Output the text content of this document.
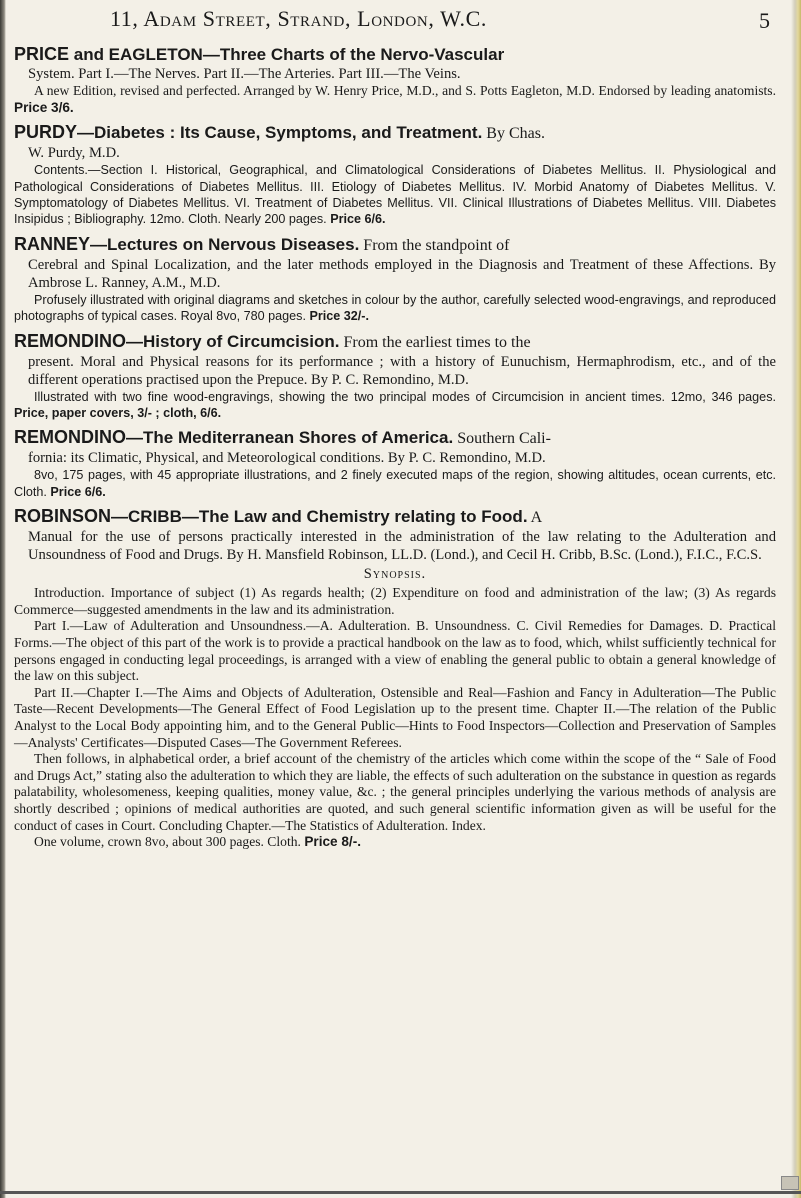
11, Adam Street, Strand, London, W.C.	5

PRICE and EAGLETON—Three Charts of the Nervo-Vascular

System. Part I.—The Nerves. Part II.—The Arteries. Part III.—The Veins.

A new Edition, revised and perfected. Arranged by W. Henry Price, M.D., and S. Potts Eagleton, M.D. Endorsed by leading anatomists. Price 3/6.

PURDY—Diabetes : Its Cause, Symptoms, and Treatment. By Chas.

W. Purdy, M.D.

Contents.—Section I. Historical, Geographical, and Climatological Considerations of Diabetes Mellitus. II. Physiological and Pathological Considerations of Diabetes Mellitus. III. Etiology of Diabetes Mellitus. IV. Morbid Anatomy of Diabetes Mellitus. V. Symptomatology of Diabetes Mellitus. VI. Treatment of Diabetes Mellitus. VII. Clinical Illustrations of Diabetes Mellitus. VIII. Diabetes Insipidus ; Bibliography. 12mo. Cloth. Nearly 200 pages. Price 6/6.

RANNEY—Lectures on Nervous Diseases. From the standpoint of

Cerebral and Spinal Localization, and the later methods employed in the Diagnosis and Treatment of these Affections. By Ambrose L. Ranney, A.M., M.D.

Profusely illustrated with original diagrams and sketches in colour by the author, carefully selected wood-engravings, and reproduced photographs of typical cases. Royal 8vo, 780 pages. Price 32/-.

REMONDINO—History of Circumcision. From the earliest times to the

present. Moral and Physical reasons for its performance ; with a history of Eunuchism, Hermaphrodism, etc., and of the different operations practised upon the Prepuce. By P. C. Remondino, M.D.

Illustrated with two fine wood-engravings, showing the two principal modes of Circumcision in ancient times. 12mo, 346 pages. Price, paper covers, 3/- ; cloth, 6/6.

REMONDINO—The Mediterranean Shores of America. Southern Cali-

fornia: its Climatic, Physical, and Meteorological conditions. By P. C. Remondino, M.D.

8vo, 175 pages, with 45 appropriate illustrations, and 2 finely executed maps of the region, showing altitudes, ocean currents, etc. Cloth. Price 6/6.

ROBINSON—CRIBB—The Law and Chemistry relating to Food. A

Manual for the use of persons practically interested in the administration of the law relating to the Adulteration and Unsoundness of Food and Drugs. By H. Mansfield Robinson, LL.D. (Lond.), and Cecil H. Cribb, B.Sc. (Lond.), F.I.C., F.C.S.

Synopsis.

Introduction. Importance of subject (1) As regards health; (2) Expenditure on food and administration of the law; (3) As regards Commerce—suggested amendments in the law and its administration.

Part I.—Law of Adulteration and Unsoundness.—A. Adulteration. B. Unsoundness. C. Civil Remedies for Damages. D. Practical Forms.—The object of this part of the work is to provide a practical handbook on the law as to food, which, whilst sufficiently technical for persons engaged in conducting legal proceedings, is arranged with a view of enabling the general public to obtain a general knowledge of the law on this subject.

Part II.—Chapter I.—The Aims and Objects of Adulteration, Ostensible and Real—Fashion and Fancy in Adulteration—The Public Taste—Recent Developments—The General Effect of Food Legislation up to the present time. Chapter II.—The relation of the Public Analyst to the Local Body appointing him, and to the General Public—Hints to Food Inspectors—Collection and Preservation of Samples—Analysts' Certificates—Disputed Cases—The Government Referees.

Then follows, in alphabetical order, a brief account of the chemistry of the articles which come within the scope of the “ Sale of Food and Drugs Act,” stating also the adulteration to which they are liable, the effects of such adulteration on the substance in question as regards palatability, wholesomeness, keeping qualities, money value, &c. ; the general principles underlying the various methods of analysis are shortly described ; opinions of medical authorities are quoted, and such general scientific information given as will be useful for the conduct of cases in Court. Concluding Chapter.—The Statistics of Adulteration. Index.

One volume, crown 8vo, about 300 pages. Cloth. Price 8/-.
